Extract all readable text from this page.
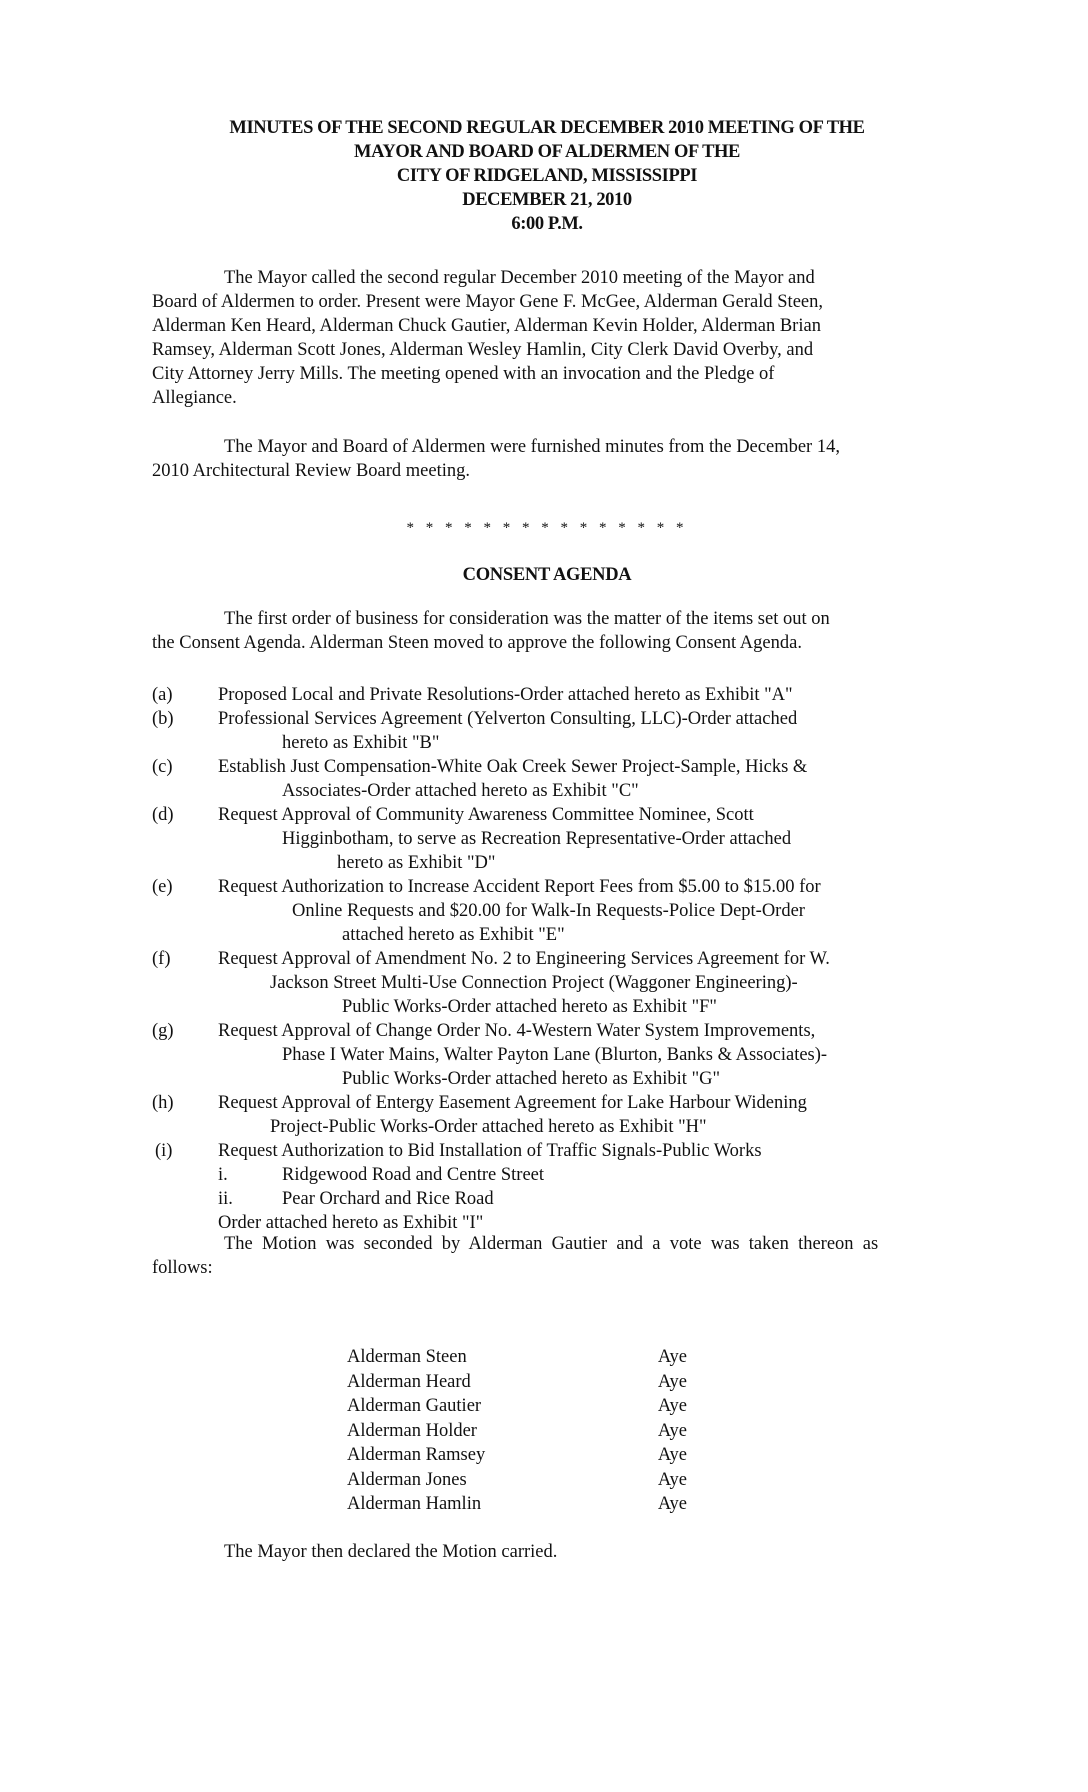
MINUTES OF THE SECOND REGULAR DECEMBER 2010 MEETING OF THE
MAYOR AND BOARD OF ALDERMEN OF THE
CITY OF RIDGELAND, MISSISSIPPI
DECEMBER 21, 2010
6:00 P.M.
The Mayor called the second regular December 2010 meeting of the Mayor and
Board of Aldermen to order. Present were Mayor Gene F. McGee, Alderman Gerald Steen,
Alderman Ken Heard, Alderman Chuck Gautier, Alderman Kevin Holder, Alderman Brian
Ramsey, Alderman Scott Jones, Alderman Wesley Hamlin, City Clerk David Overby, and
City Attorney Jerry Mills. The meeting opened with an invocation and the Pledge of
Allegiance.
The Mayor and Board of Aldermen were furnished minutes from the December 14,
2010 Architectural Review Board meeting.
* * * * * * * * * * * * * * *
CONSENT AGENDA
The first order of business for consideration was the matter of the items set out on
the Consent Agenda. Alderman Steen moved to approve the following Consent Agenda.
(a)	Proposed Local and Private Resolutions-Order attached hereto as Exhibit "A"
(b)	Professional Services Agreement (Yelverton Consulting, LLC)-Order attached
hereto as Exhibit "B"
(c)	Establish Just Compensation-White Oak Creek Sewer Project-Sample, Hicks &
Associates-Order attached hereto as Exhibit "C"
(d)	Request Approval of Community Awareness Committee Nominee, Scott
Higginbotham, to serve as Recreation Representative-Order attached
hereto as Exhibit "D"
(e)	Request Authorization to Increase Accident Report Fees from $5.00 to $15.00 for
Online Requests and $20.00 for Walk-In Requests-Police Dept-Order
attached hereto as Exhibit "E"
(f)	Request Approval of Amendment No. 2 to Engineering Services Agreement for W.
Jackson Street Multi-Use Connection Project (Waggoner Engineering)-
Public Works-Order attached hereto as Exhibit "F"
(g)	Request Approval of Change Order No. 4-Western Water System Improvements,
Phase I Water Mains, Walter Payton Lane (Blurton, Banks & Associates)-
Public Works-Order attached hereto as Exhibit "G"
(h)	Request Approval of Entergy Easement Agreement for Lake Harbour Widening
Project-Public Works-Order attached hereto as Exhibit "H"
(i)	Request Authorization to Bid Installation of Traffic Signals-Public Works
i.	Ridgewood Road and Centre Street
ii.	Pear Orchard and Rice Road
Order attached hereto as Exhibit "I"
The Motion was seconded by Alderman Gautier and a vote was taken thereon as
follows:
Alderman Steen	Aye
Alderman Heard	Aye
Alderman Gautier	Aye
Alderman Holder	Aye
Alderman Ramsey	Aye
Alderman Jones	Aye
Alderman Hamlin	Aye
The Mayor then declared the Motion carried.
